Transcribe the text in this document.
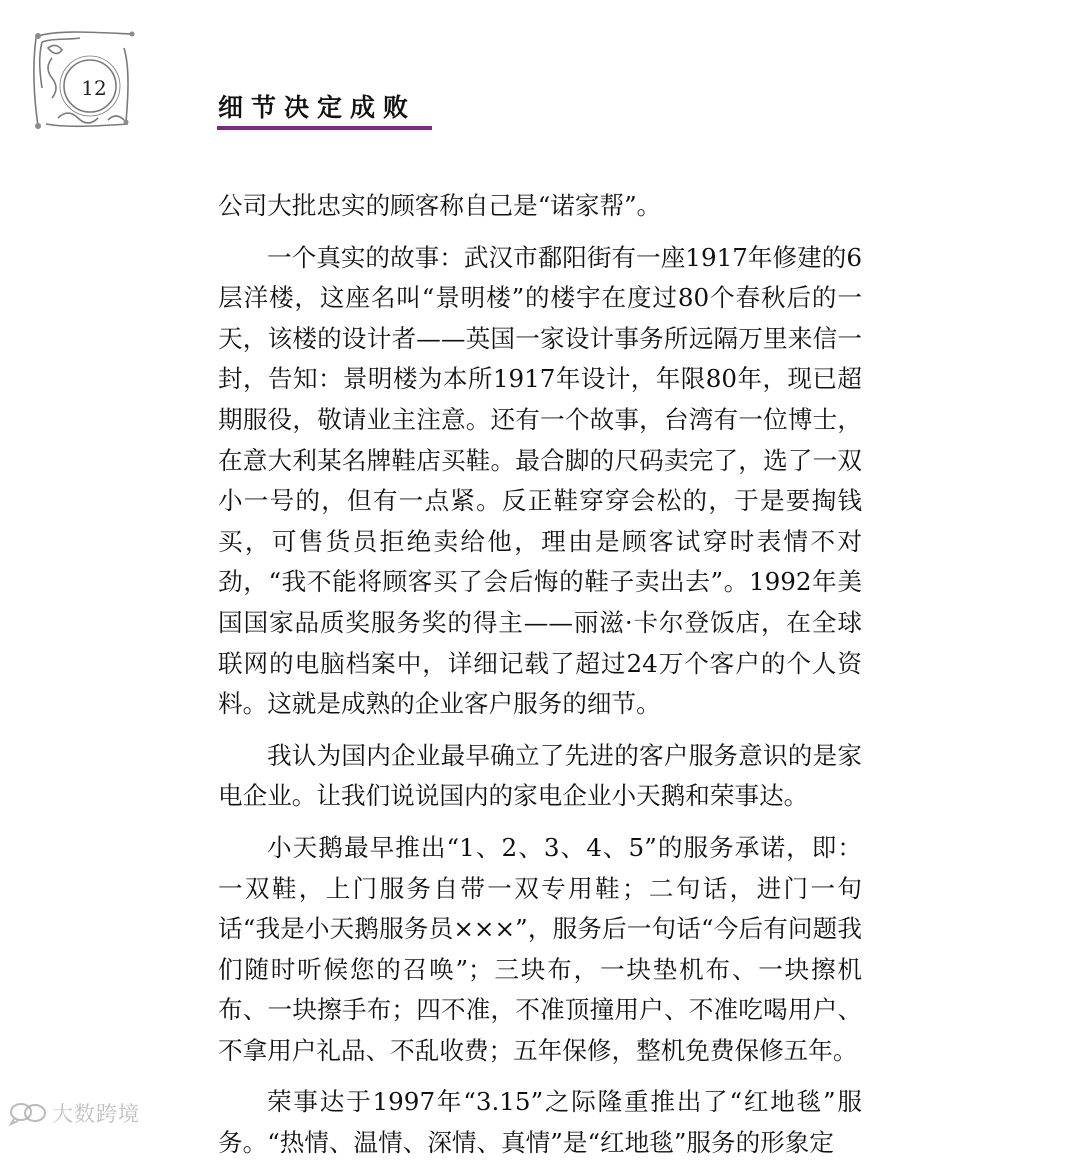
12
细节决定成败

公司大批忠实的顾客称自己是“诺家帮”。

一个真实的故事：武汉市鄱阳街有一座1917年修建的6层洋楼，这座名叫“景明楼”的楼宇在度过80个春秋后的一天，该楼的设计者——英国一家设计事务所远隔万里来信一封，告知：景明楼为本所1917年设计，年限80年，现已超期服役，敬请业主注意。还有一个故事，台湾有一位博士，在意大利某名牌鞋店买鞋。最合脚的尺码卖完了，选了一双小一号的，但有一点紧。反正鞋穿穿会松的，于是要掏钱买，可售货员拒绝卖给他，理由是顾客试穿时表情不对劲，“我不能将顾客买了会后悔的鞋子卖出去”。1992年美国国家品质奖服务奖的得主——丽滋·卡尔登饭店，在全球联网的电脑档案中，详细记载了超过24万个客户的个人资料。这就是成熟的企业客户服务的细节。

我认为国内企业最早确立了先进的客户服务意识的是家电企业。让我们说说国内的家电企业小天鹅和荣事达。

小天鹅最早推出“1、2、3、4、5”的服务承诺，即：一双鞋，上门服务自带一双专用鞋；二句话，进门一句话“我是小天鹅服务员×××”，服务后一句话“今后有问题我们随时听候您的召唤”；三块布，一块垫机布、一块擦机布、一块擦手布；四不准，不准顶撞用户、不准吃喝用户、不拿用户礼品、不乱收费；五年保修，整机免费保修五年。

荣事达于1997年“3.15”之际隆重推出了“红地毯”服务。“热情、温情、深情、真情”是“红地毯”服务的形象定

大数跨境
